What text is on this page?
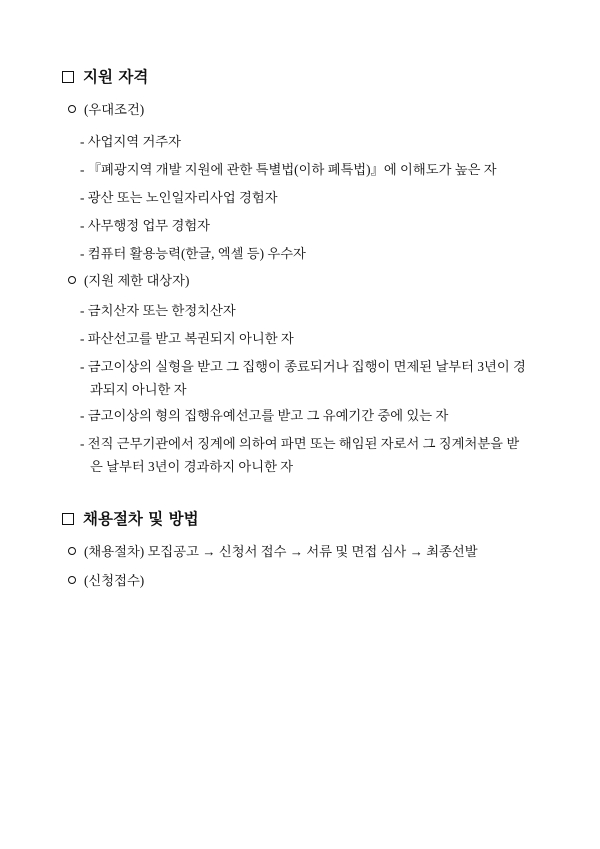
지원 자격
(우대조건)
- 사업지역 거주자
- 『폐광지역 개발 지원에 관한 특별법(이하 폐특법)』에 이해도가 높은 자
- 광산 또는 노인일자리사업 경험자
- 사무행정 업무 경험자
- 컴퓨터 활용능력(한글, 엑셀 등) 우수자
(지원 제한 대상자)
- 금치산자 또는 한정치산자
- 파산선고를 받고 복권되지 아니한 자
- 금고이상의 실형을 받고 그 집행이 종료되거나 집행이 면제된 날부터 3년이 경
과되지 아니한 자
- 금고이상의 형의 집행유예선고를 받고 그 유예기간 중에 있는 자
- 전직 근무기관에서 징계에 의하여 파면 또는 해임된 자로서 그 징계처분을 받
은 날부터 3년이 경과하지 아니한 자
채용절차 및 방법
(채용절차) 모집공고 → 신청서 접수 → 서류 및 면접 심사 → 최종선발
(신청접수)
